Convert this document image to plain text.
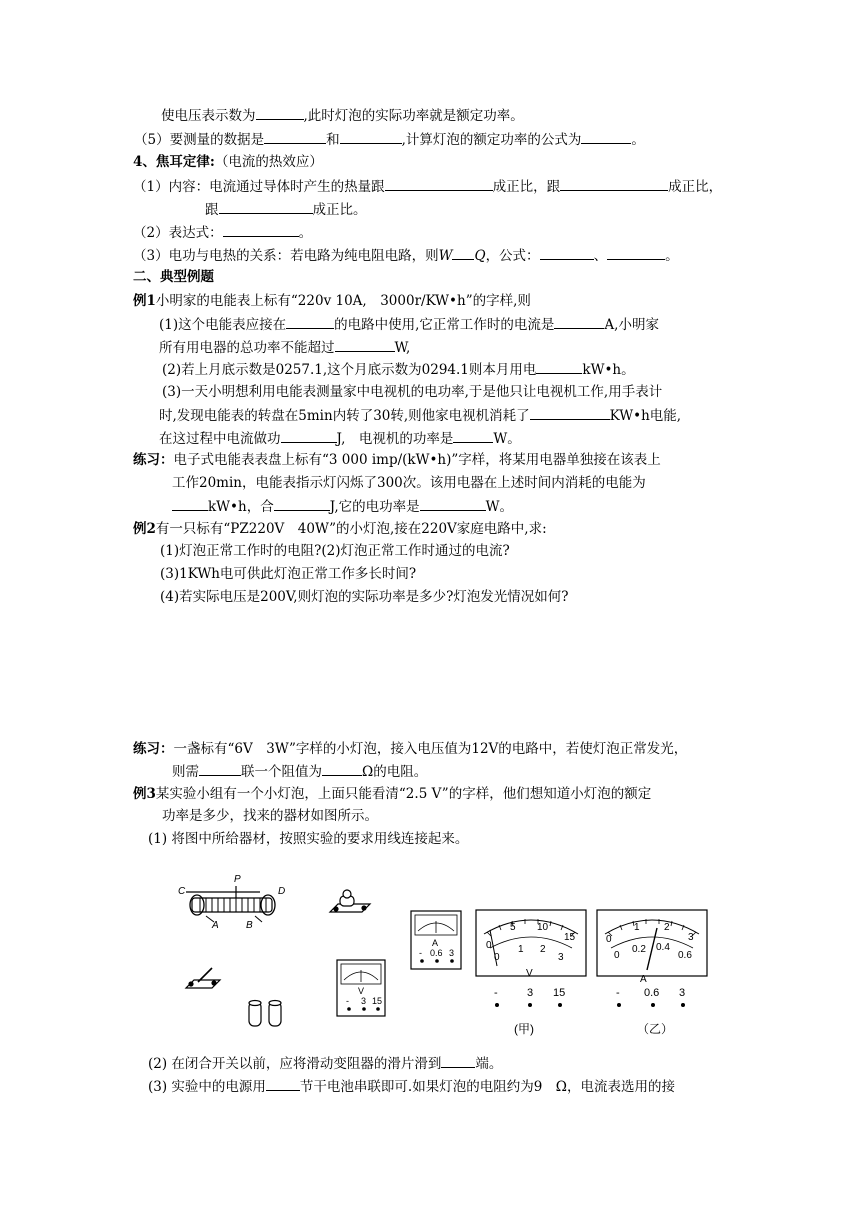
使电压表示数为	,此时灯泡的实际功率就是额定功率。
（5）要测量的数据是	和	,计算灯泡的额定功率的公式为	。
4、焦耳定律:（电流的热效应）
（1）内容：电流通过导体时产生的热量跟	成正比，跟	成正比，
跟	成正比。
（2）表达式：	。
（3）电功与电热的关系：若电路为纯电阻电路，则W Q，公式：	、	。
二、典型例题
例1小明家的电能表上标有“220v 10A,　3000r/KW•h”的字样,则
(1)这个电能表应接在	的电路中使用,它正常工作时的电流是	A,小明家
所有用电器的总功率不能超过	W,
(2)若上月底示数是0257.1,这个月底示数为0294.1则本月用电	kW•h。
(3)一天小明想利用电能表测量家中电视机的电功率,于是他只让电视机工作,用手表计
时,发现电能表的转盘在5min内转了30转,则他家电视机消耗了	KW•h电能,
在这过程中电流做功	J,　电视机的功率是	W。
练习：电子式电能表表盘上标有“3 000 imp/(kW•h)”字样，将某用电器单独接在该表上
工作20min，电能表指示灯闪烁了300次。该用电器在上述时间内消耗的电能为
kW•h，合	J,它的电功率是	W。
例2有一只标有“PZ220V　40W”的小灯泡,接在220V家庭电路中,求:
(1)灯泡正常工作时的电阻?(2)灯泡正常工作时通过的电流?
(3)1KWh电可供此灯泡正常工作多长时间?
(4)若实际电压是200V,则灯泡的实际功率是多少?灯泡发光情况如何?
练习：一盏标有“6V　3W”字样的小灯泡，接入电压值为12V的电路中，若使灯泡正常发光，
则需	联一个阻值为	Ω的电阻。
例3某实验小组有一个小灯泡，上面只能看清“2.5 V”的字样，他们想知道小灯泡的额定
功率是多少，找来的器材如图所示。
(1) 将图中所给器材，按照实验的要求用线连接起来。
C
P
D
A	B
V
- 3 15
A
- 0.6 3
0
5 10
15
0
1 2
3
V
-	3 15
(甲)
0
1 2
3
0
0.2 0.4
0.6
A
- 0.6 3
（乙）
(2) 在闭合开关以前，应将滑动变阻器的滑片滑到	端。
(3) 实验中的电源用	节干电池串联即可.如果灯泡的电阻约为9　Ω，电流表选用的接
